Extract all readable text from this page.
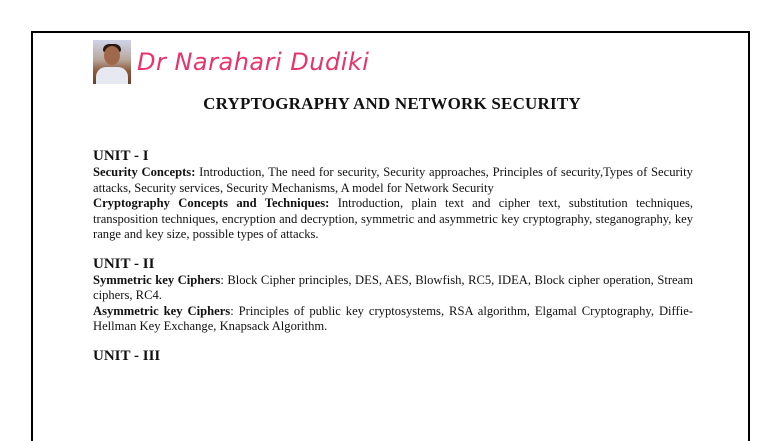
Dr Narahari Dudiki
CRYPTOGRAPHY AND NETWORK SECURITY
UNIT - I

Security Concepts: Introduction, The need for security, Security approaches, Principles of security,Types of Security attacks, Security services, Security Mechanisms, A model for Network Security

Cryptography Concepts and Techniques: Introduction, plain text and cipher text, substitution techniques, transposition techniques, encryption and decryption, symmetric and asymmetric key cryptography, steganography, key range and key size, possible types of attacks.

UNIT - II

Symmetric key Ciphers: Block Cipher principles, DES, AES, Blowfish, RC5, IDEA, Block cipher operation, Stream ciphers, RC4.

Asymmetric key Ciphers: Principles of public key cryptosystems, RSA algorithm, Elgamal Cryptography, Diffie-Hellman Key Exchange, Knapsack Algorithm.

UNIT - III
